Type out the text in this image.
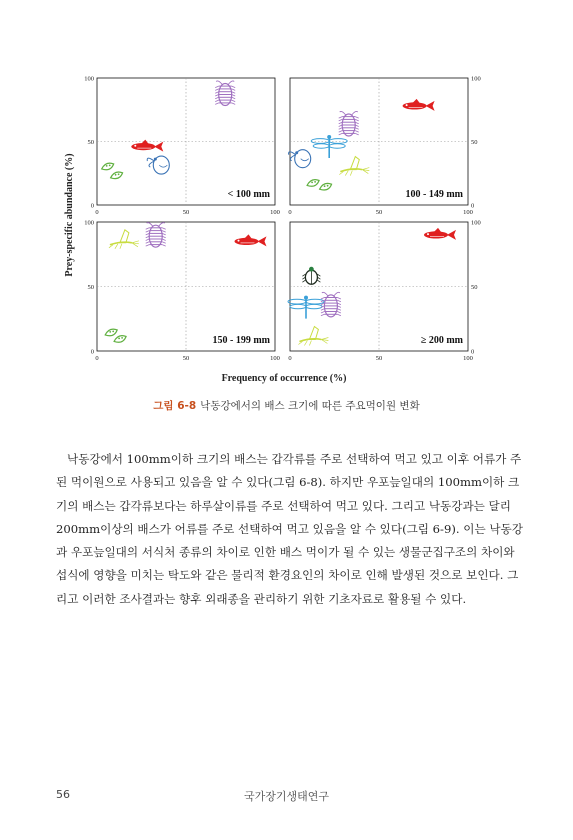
Prey-specific abundance (%)
Frequency of occurrence (%)
0
50
100
0	50	100
< 100 mm
0
50
100
0	50	100
100 - 149 mm
0
50
100
0	50	100
150 - 199 mm
0
50
100
0	50	100
≥ 200 mm
그림 6-8 낙동강에서의 배스 크기에 따른 주요먹이원 변화

낙동강에서 100mm이하 크기의 배스는 갑각류를 주로 선택하여 먹고 있고 이후 어류가 주
된 먹이원으로 사용되고 있음을 알 수 있다(그림 6-8). 하지만 우포늪일대의 100mm이하 크
기의 배스는 갑각류보다는 하루살이류를 주로 선택하여 먹고 있다. 그리고 낙동강과는 달리
200mm이상의 배스가 어류를 주로 선택하여 먹고 있음을 알 수 있다(그림 6-9). 이는 낙동강
과 우포늪일대의 서식처 종류의 차이로 인한 배스 먹이가 될 수 있는 생물군집구조의 차이와
섭식에 영향을 미치는 탁도와 같은 물리적 환경요인의 차이로 인해 발생된 것으로 보인다. 그
리고 이러한 조사결과는 향후 외래종을 관리하기 위한 기초자료로 활용될 수 있다.

56	국가장기생태연구
